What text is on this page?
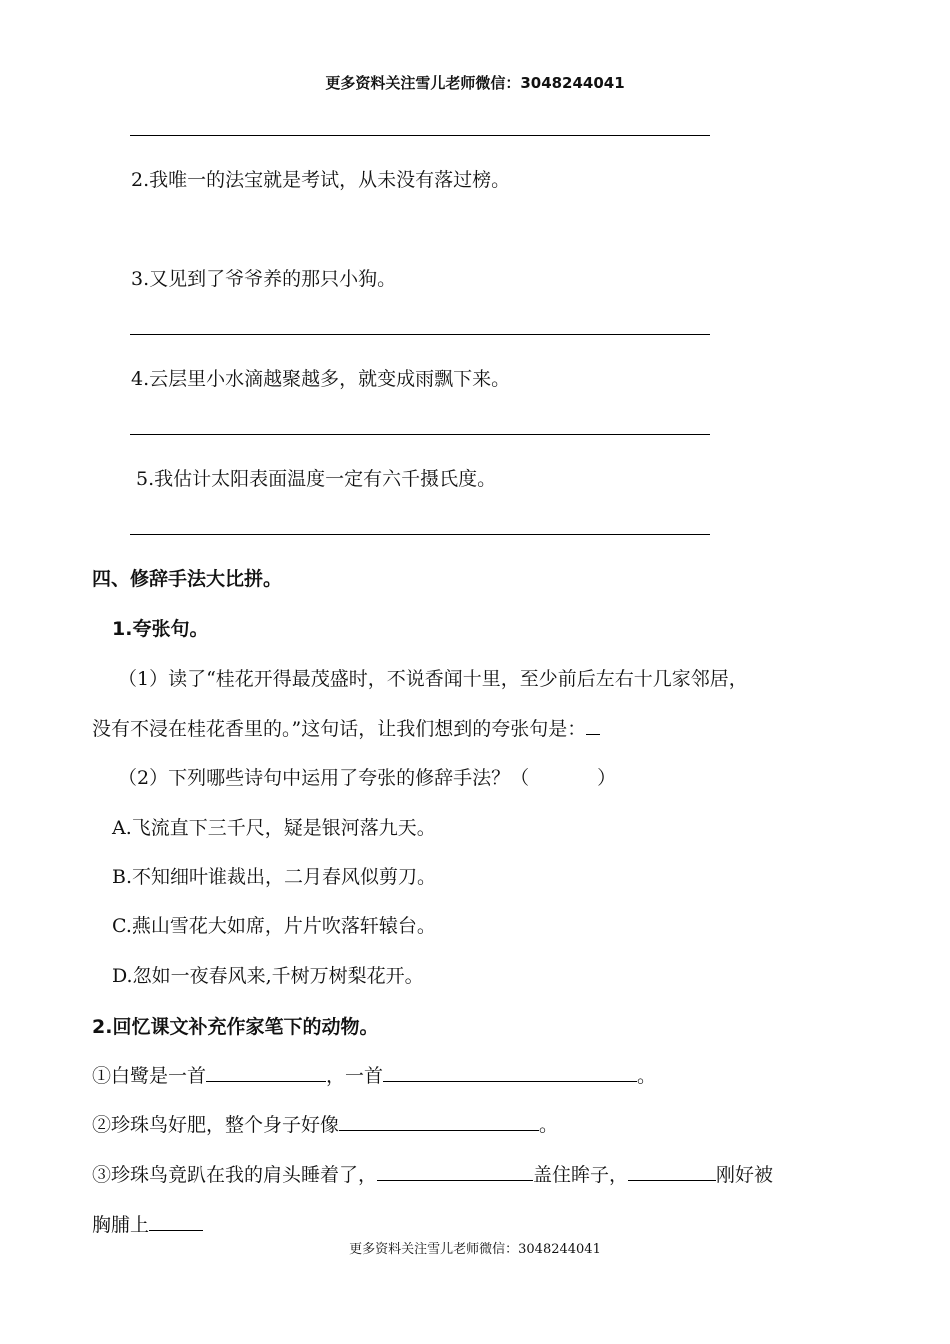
更多资料关注雪儿老师微信：3048244041
2.我唯一的法宝就是考试，从未没有落过榜。
3.又见到了爷爷养的那只小狗。
4.云层里小水滴越聚越多，就变成雨飘下来。
5.我估计太阳表面温度一定有六千摄氏度。
四、修辞手法大比拼。
1.夸张句。
（1）读了“桂花开得最茂盛时，不说香闻十里，至少前后左右十几家邻居，
没有不浸在桂花香里的。”这句话，让我们想到的夸张句是：
（2）下列哪些诗句中运用了夸张的修辞手法？（	）
A.飞流直下三千尺，疑是银河落九天。
B.不知细叶谁裁出，二月春风似剪刀。
C.燕山雪花大如席，片片吹落轩辕台。
D.忽如一夜春风来,千树万树梨花开。
2.回忆课文补充作家笔下的动物。
①白鹭是一首	，一首	。
②珍珠鸟好肥，整个身子好像	。
③珍珠鸟竟趴在我的肩头睡着了，	盖住眸子，	刚好被
胸脯上
更多资料关注雪儿老师微信：3048244041
